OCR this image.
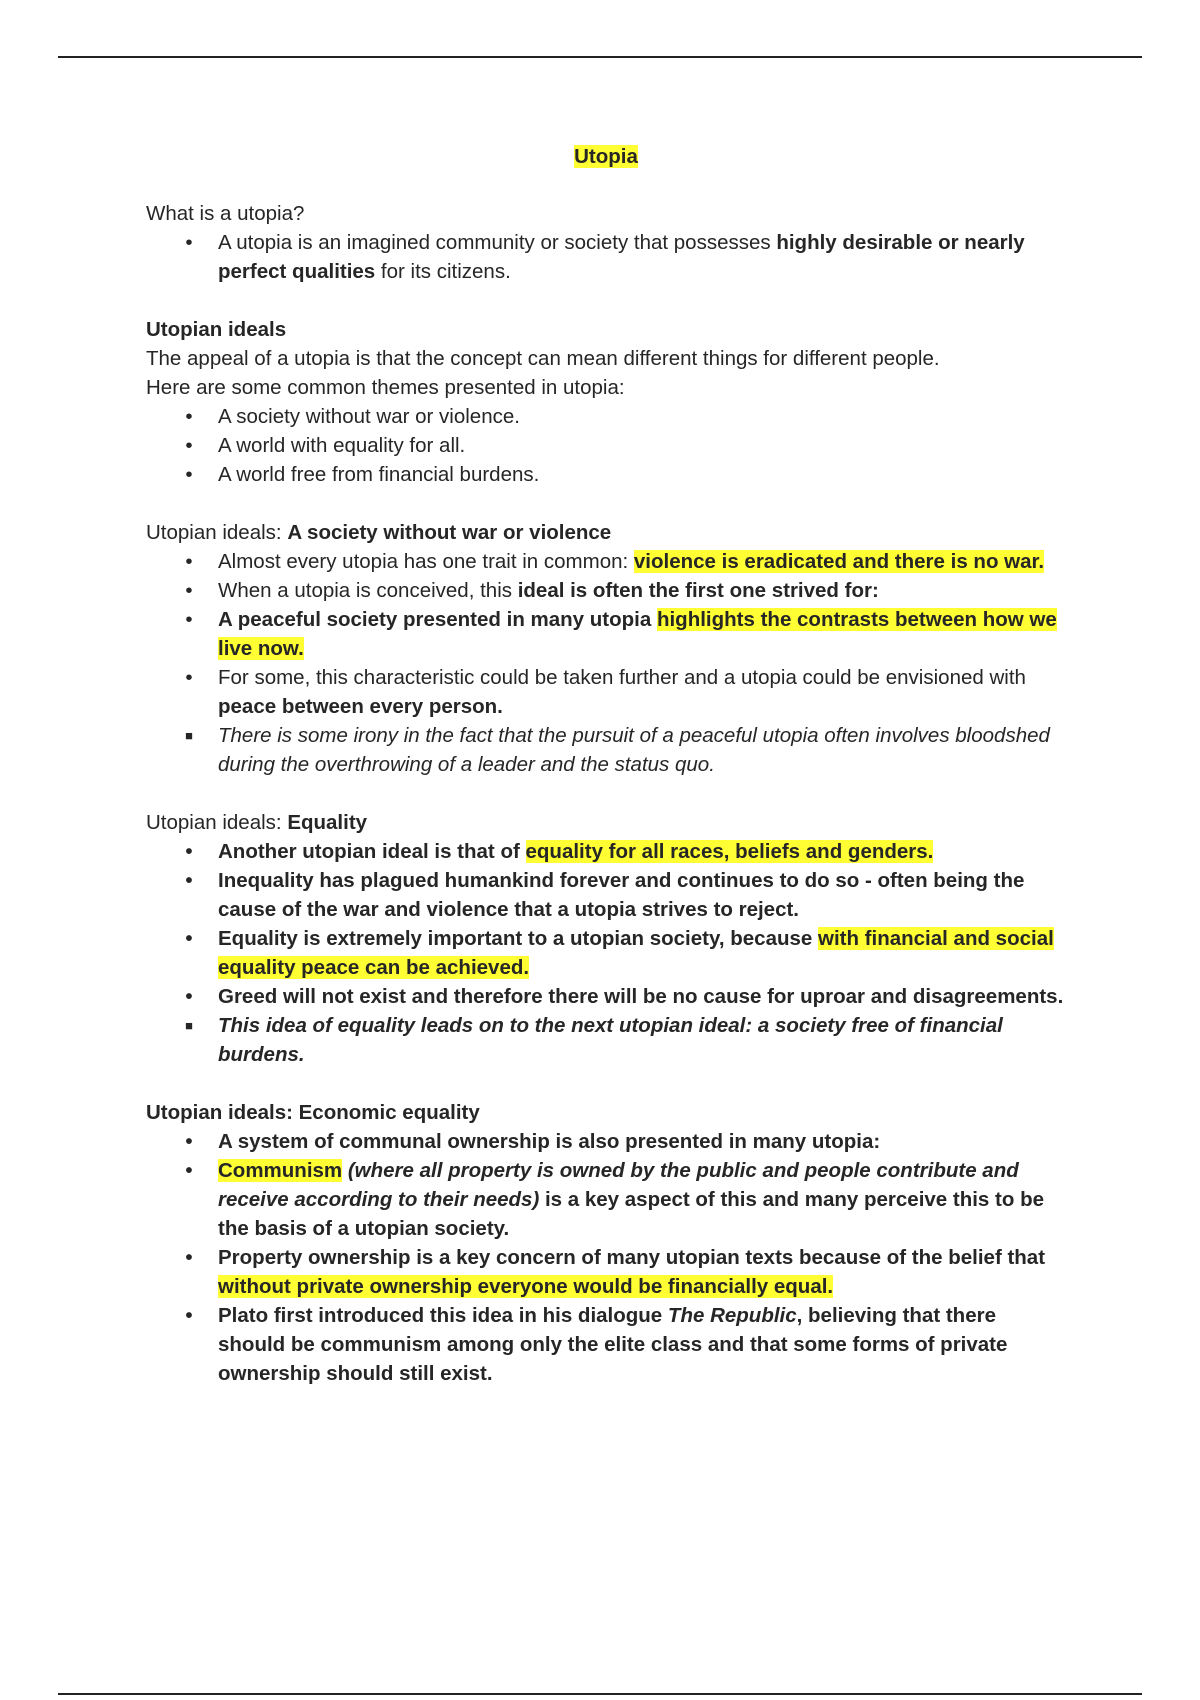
Utopia

What is a utopia?

• A utopia is an imagined community or society that possesses highly desirable or nearly perfect qualities for its citizens.

Utopian ideals

The appeal of a utopia is that the concept can mean different things for different people.

Here are some common themes presented in utopia:

• A society without war or violence.
• A world with equality for all.
• A world free from financial burdens.

Utopian ideals: A society without war or violence

• Almost every utopia has one trait in common: violence is eradicated and there is no war.
• When a utopia is conceived, this ideal is often the first one strived for:
• A peaceful society presented in many utopia highlights the contrasts between how we live now.
• For some, this characteristic could be taken further and a utopia could be envisioned with peace between every person.
■ There is some irony in the fact that the pursuit of a peaceful utopia often involves bloodshed during the overthrowing of a leader and the status quo.

Utopian ideals: Equality

• Another utopian ideal is that of equality for all races, beliefs and genders.
• Inequality has plagued humankind forever and continues to do so - often being the cause of the war and violence that a utopia strives to reject.
• Equality is extremely important to a utopian society, because with financial and social equality peace can be achieved.
• Greed will not exist and therefore there will be no cause for uproar and disagreements.
■ This idea of equality leads on to the next utopian ideal: a society free of financial burdens.

Utopian ideals: Economic equality

• A system of communal ownership is also presented in many utopia:
• Communism (where all property is owned by the public and people contribute and receive according to their needs) is a key aspect of this and many perceive this to be the basis of a utopian society.
• Property ownership is a key concern of many utopian texts because of the belief that without private ownership everyone would be financially equal.
• Plato first introduced this idea in his dialogue The Republic, believing that there should be communism among only the elite class and that some forms of private ownership should still exist.
